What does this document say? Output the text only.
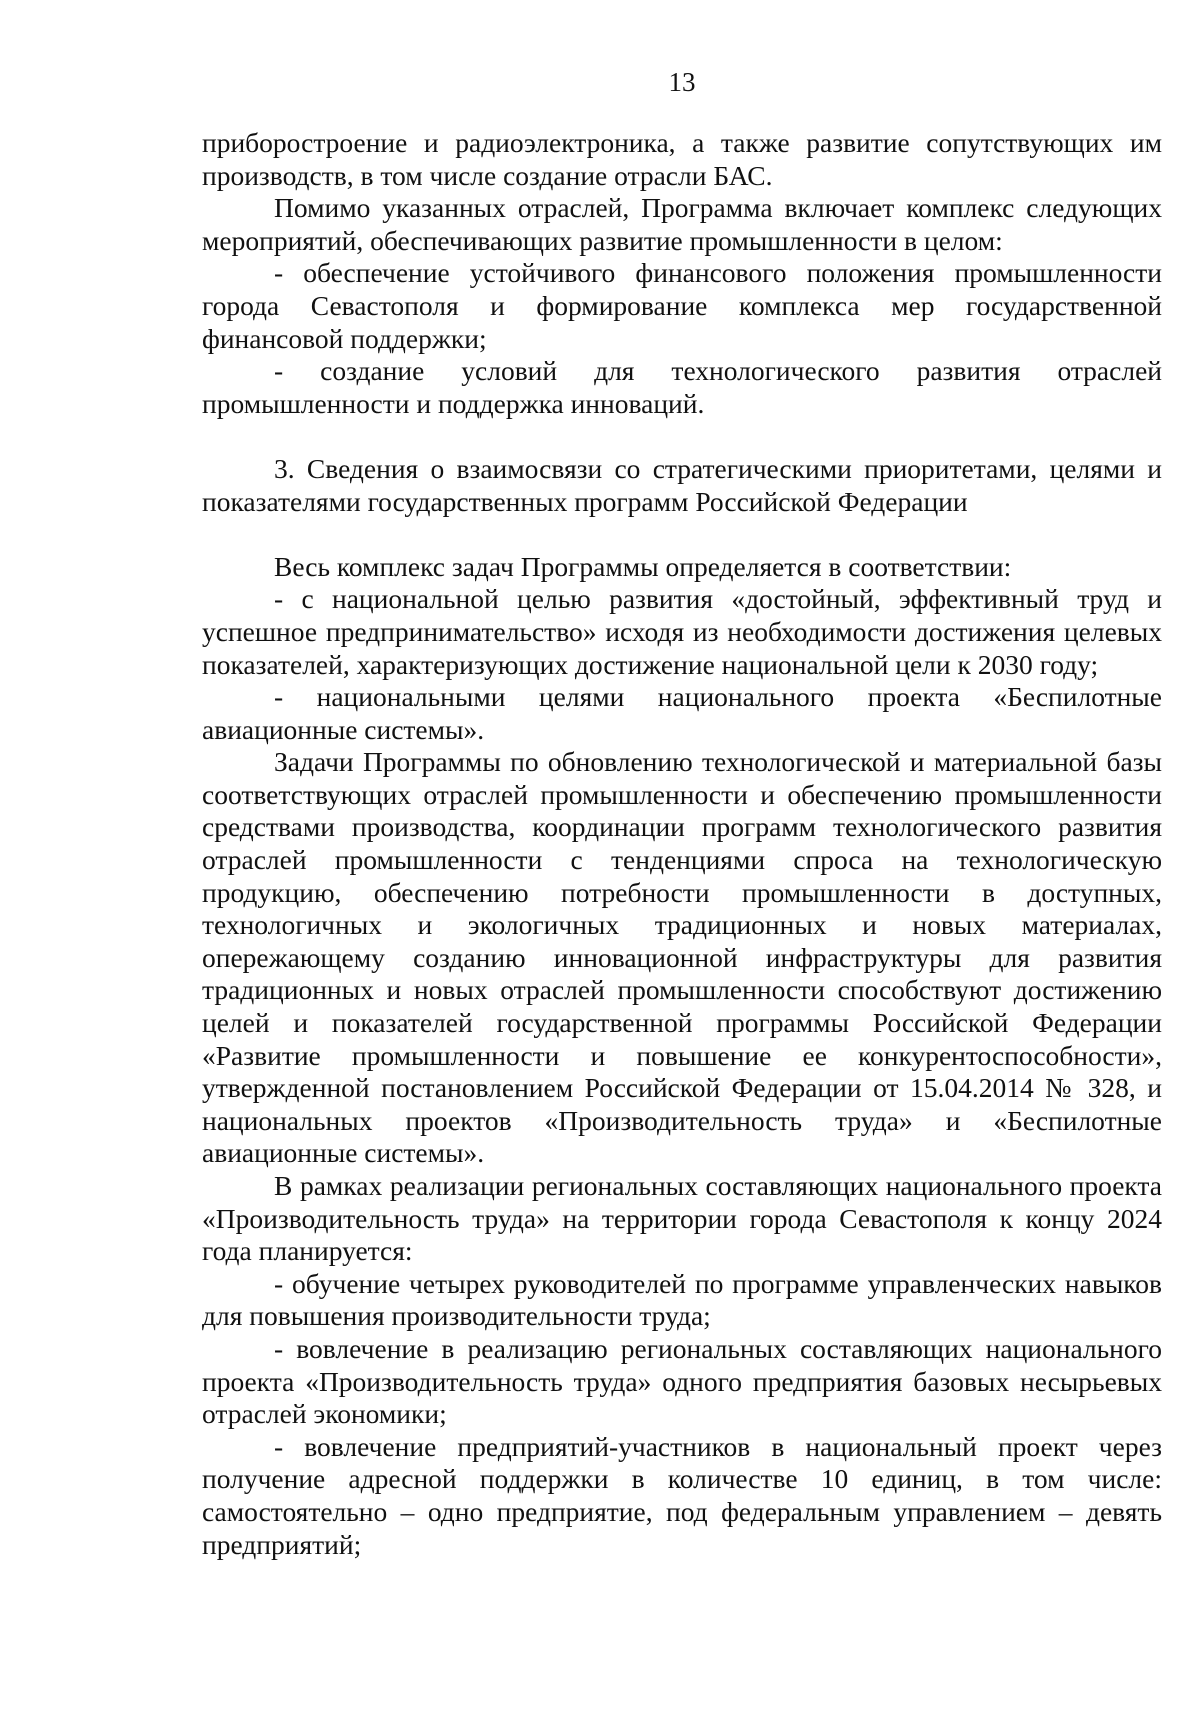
13

приборостроение и радиоэлектроника, а также развитие сопутствующих им производств, в том числе создание отрасли БАС.

Помимо указанных отраслей, Программа включает комплекс следующих мероприятий, обеспечивающих развитие промышленности в целом:

- обеспечение устойчивого финансового положения промышленности города Севастополя и формирование комплекса мер государственной финансовой поддержки;

- создание условий для технологического развития отраслей промышленности и поддержка инноваций.

3. Сведения о взаимосвязи со стратегическими приоритетами, целями и показателями государственных программ Российской Федерации

Весь комплекс задач Программы определяется в соответствии:

- с национальной целью развития «достойный, эффективный труд и успешное предпринимательство» исходя из необходимости достижения целевых показателей, характеризующих достижение национальной цели к 2030 году;

- национальными целями национального проекта «Беспилотные авиационные системы».

Задачи Программы по обновлению технологической и материальной базы соответствующих отраслей промышленности и обеспечению промышленности средствами производства, координации программ технологического развития отраслей промышленности с тенденциями спроса на технологическую продукцию, обеспечению потребности промышленности в доступных, технологичных и экологичных традиционных и новых материалах, опережающему созданию инновационной инфраструктуры для развития традиционных и новых отраслей промышленности способствуют достижению целей и показателей государственной программы Российской Федерации «Развитие промышленности и повышение ее конкурентоспособности», утвержденной постановлением Российской Федерации от 15.04.2014 № 328, и национальных проектов «Производительность труда» и «Беспилотные авиационные системы».

В рамках реализации региональных составляющих национального проекта «Производительность труда» на территории города Севастополя к концу 2024 года планируется:

- обучение четырех руководителей по программе управленческих навыков для повышения производительности труда;

- вовлечение в реализацию региональных составляющих национального проекта «Производительность труда» одного предприятия базовых несырьевых отраслей экономики;

- вовлечение предприятий-участников в национальный проект через получение адресной поддержки в количестве 10 единиц, в том числе: самостоятельно – одно предприятие, под федеральным управлением – девять предприятий;
